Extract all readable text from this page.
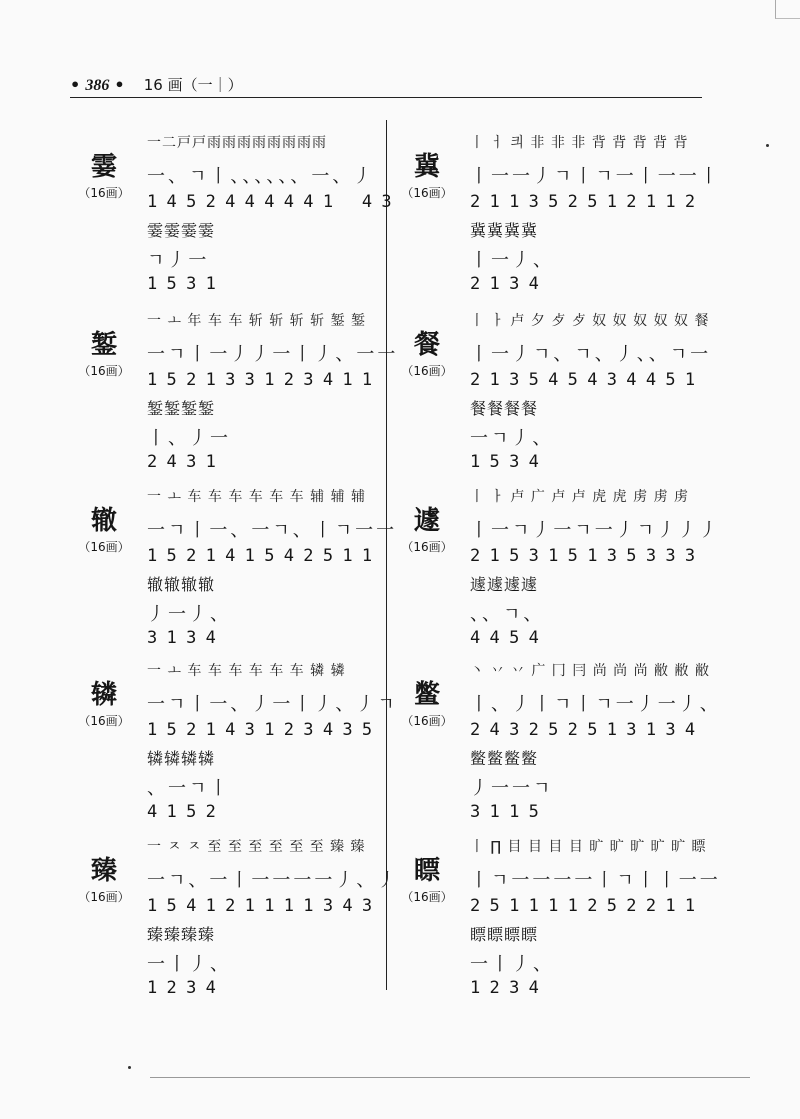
• 386 • 16 画（一｜）
霎
（16画）
一二戸戸雨雨雨雨雨雨雨雨
一、ㄱ丨、、、、、、一、丿
1452444441 43
霎霎霎霎
ㄱ丿一
1531
錾
（16画）
一 ㅗ 年 车 车 斩 斩 斩 斩 錾 錾
一ㄱ丨一丿丿一丨丿、一一
152133123411
錾錾錾錾
丨、丿一
2431
辙
（16画）
一 ㅗ 车 车 车 车 车 车 辅 辅 辅
一ㄱ丨一、一ㄱ、丨ㄱ一一
152141542511
辙辙辙辙
丿一丿、
3134
辚
（16画）
一 ㅗ 车 车 车 车 车 车 辚 辚
一ㄱ丨一、丿一丨丿、丿ㄱ
152143123435
辚辚辚辚
、一ㄱ丨
4152
臻
（16画）
一 ㅈ ㅈ 至 至 至 至 至 至 臻 臻
一ㄱ、一丨一一一一丿、丿
154121111343
臻臻臻臻
一丨丿、
1234
冀
（16画）
丨 ㅓ 킈 非 非 非 背 背 背 背 背
丨一一丿ㄱ丨ㄱ一丨一一丨
211352512112
冀冀冀冀
丨一丿、
2134
餐
（16画）
丨 ㅏ 卢 夕 歺 歺 奴 奴 奴 奴 奴 餐
丨一丿ㄱ、ㄱ、丿、、ㄱ一
213545434451
餐餐餐餐
一ㄱ丿、
1534
遽
（16画）
丨 ㅏ 卢 广 卢 卢 虎 虎 虏 虏 虏
丨一ㄱ丿一ㄱ一丿ㄱ丿丿丿
215315135333
遽遽遽遽
、、ㄱ、
4454
鳖
（16画）
丶 丷 丷 广 冂 冃 尚 尚 尚 敝 敝 敝
丨、丿丨ㄱ丨ㄱ一丿一丿、
243252513134
鳖鳖鳖鳖
丿一一ㄱ
3115
瞟
（16画）
丨 ∏ 目 目 目 目 旷 旷 旷 旷 旷 瞟
丨ㄱ一一一一丨ㄱ丨丨一一
251111252211
瞟瞟瞟瞟
一丨丿、
1234
